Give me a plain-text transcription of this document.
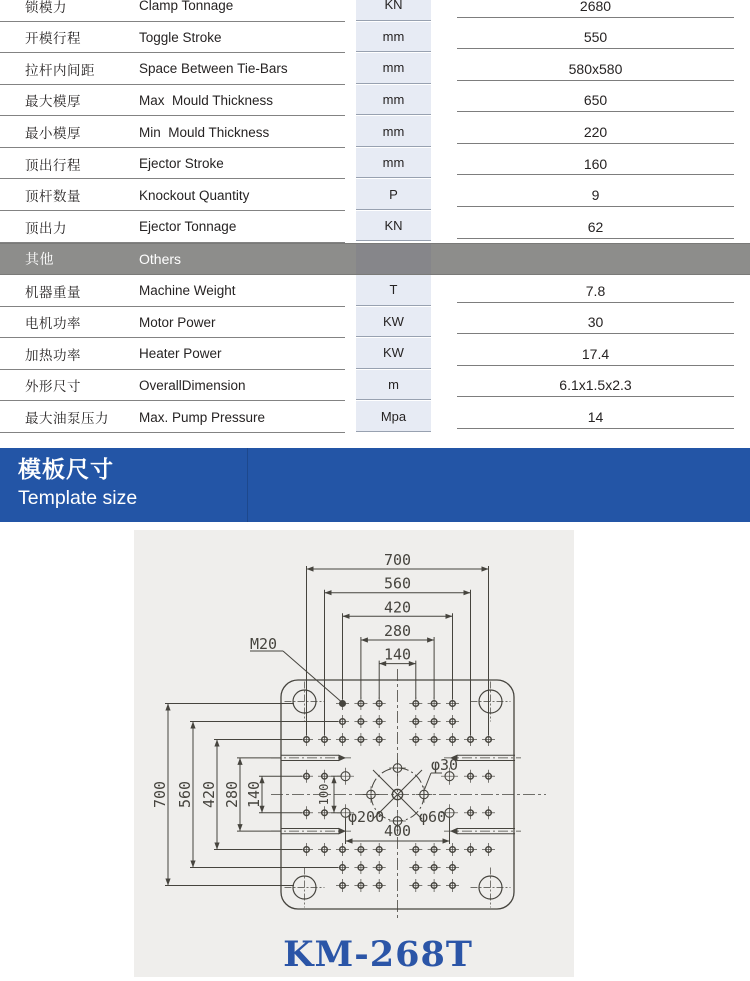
锁模力	Clamp Tonnage	KN	2680
开模行程	Toggle Stroke	mm	550
拉杆内间距	Space Between Tie-Bars	mm	580x580
最大模厚	Max  Mould Thickness	mm	650
最小模厚	Min  Mould Thickness	mm	220
顶出行程	Ejector Stroke	mm	160
顶杆数量	Knockout Quantity	P	9
顶出力	Ejector Tonnage	KN	62
其他	Others
机器重量	Machine Weight	T	7.8
电机功率	Motor Power	KW	30
加热功率	Heater Power	KW	17.4
外形尺寸	OverallDimension	m	6.1x1.5x2.3
最大油泵压力	Max. Pump Pressure	Mpa	14
模板尺寸
Template size
700
560
420
280
140
700 560 420 280 140
M20
φ30
φ200 φ60
400
100
KM-268T
